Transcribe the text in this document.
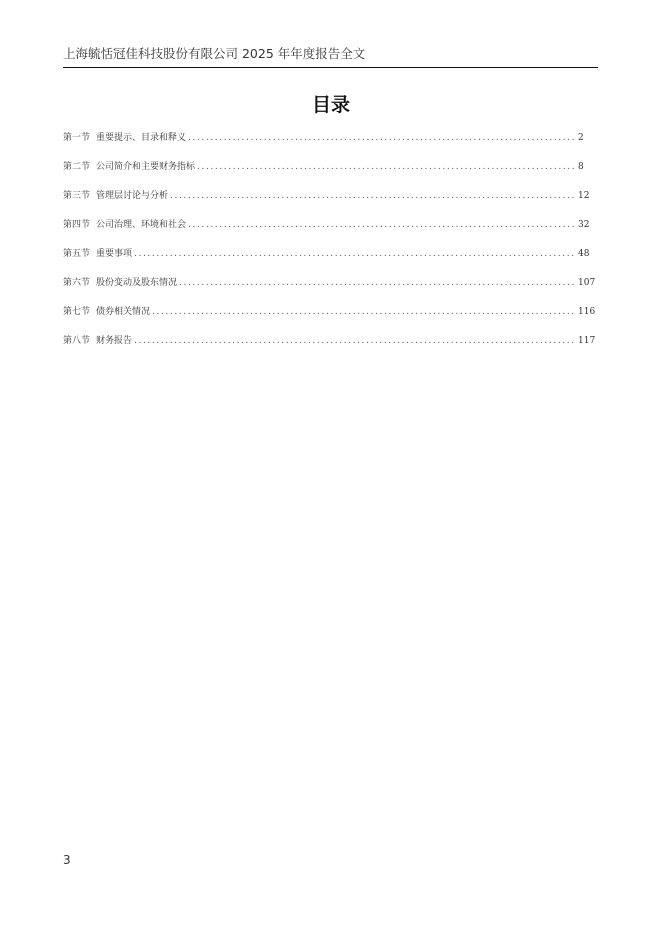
上海毓恬冠佳科技股份有限公司 2025 年年度报告全文
目录
第一节 重要提示、目录和释义 .....	2
第二节 公司简介和主要财务指标 .....	8
第三节 管理层讨论与分析 .....	12
第四节 公司治理、环境和社会 .....	32
第五节 重要事项 .....	48
第六节 股份变动及股东情况 .....	107
第七节 债券相关情况 .....	116
第八节 财务报告 .....	117
3
